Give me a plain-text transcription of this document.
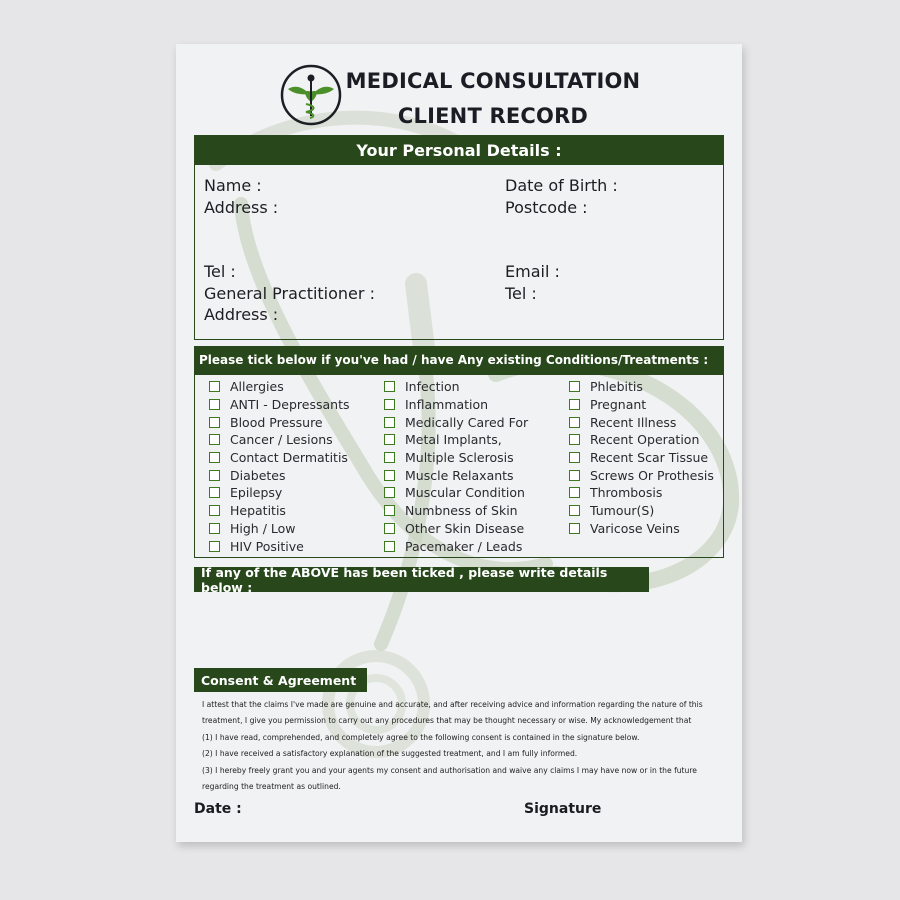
MEDICAL CONSULTATION
CLIENT RECORD
Your Personal Details :
Name :
Address :
Date of Birth :
Postcode :
Tel :
General Practitioner :
Address :
Email :
Tel :
Please tick below if you've had / have Any existing Conditions/Treatments :
Allergies
ANTI - Depressants
Blood Pressure
Cancer / Lesions
Contact Dermatitis
Diabetes
Epilepsy
Hepatitis
High / Low
HIV Positive
Infection
Inflammation
Medically Cared For
Metal Implants,
Multiple Sclerosis
Muscle Relaxants
Muscular Condition
Numbness of Skin
Other Skin Disease
Pacemaker / Leads
Phlebitis
Pregnant
Recent Illness
Recent Operation
Recent Scar Tissue
Screws Or Prothesis
Thrombosis
Tumour(S)
Varicose Veins
If any of the ABOVE has been ticked , please write details below :
Consent & Agreement
I attest that the claims I've made are genuine and accurate, and after receiving advice and information regarding the nature of this
treatment, I give you permission to carry out any procedures that may be thought necessary or wise. My acknowledgement that
(1) I have read, comprehended, and completely agree to the following consent is contained in the signature below.
(2) I have received a satisfactory explanation of the suggested treatment, and I am fully informed.
(3) I hereby freely grant you and your agents my consent and authorisation and waive any claims I may have now or in the future
regarding the treatment as outlined.
Date :	Signature
